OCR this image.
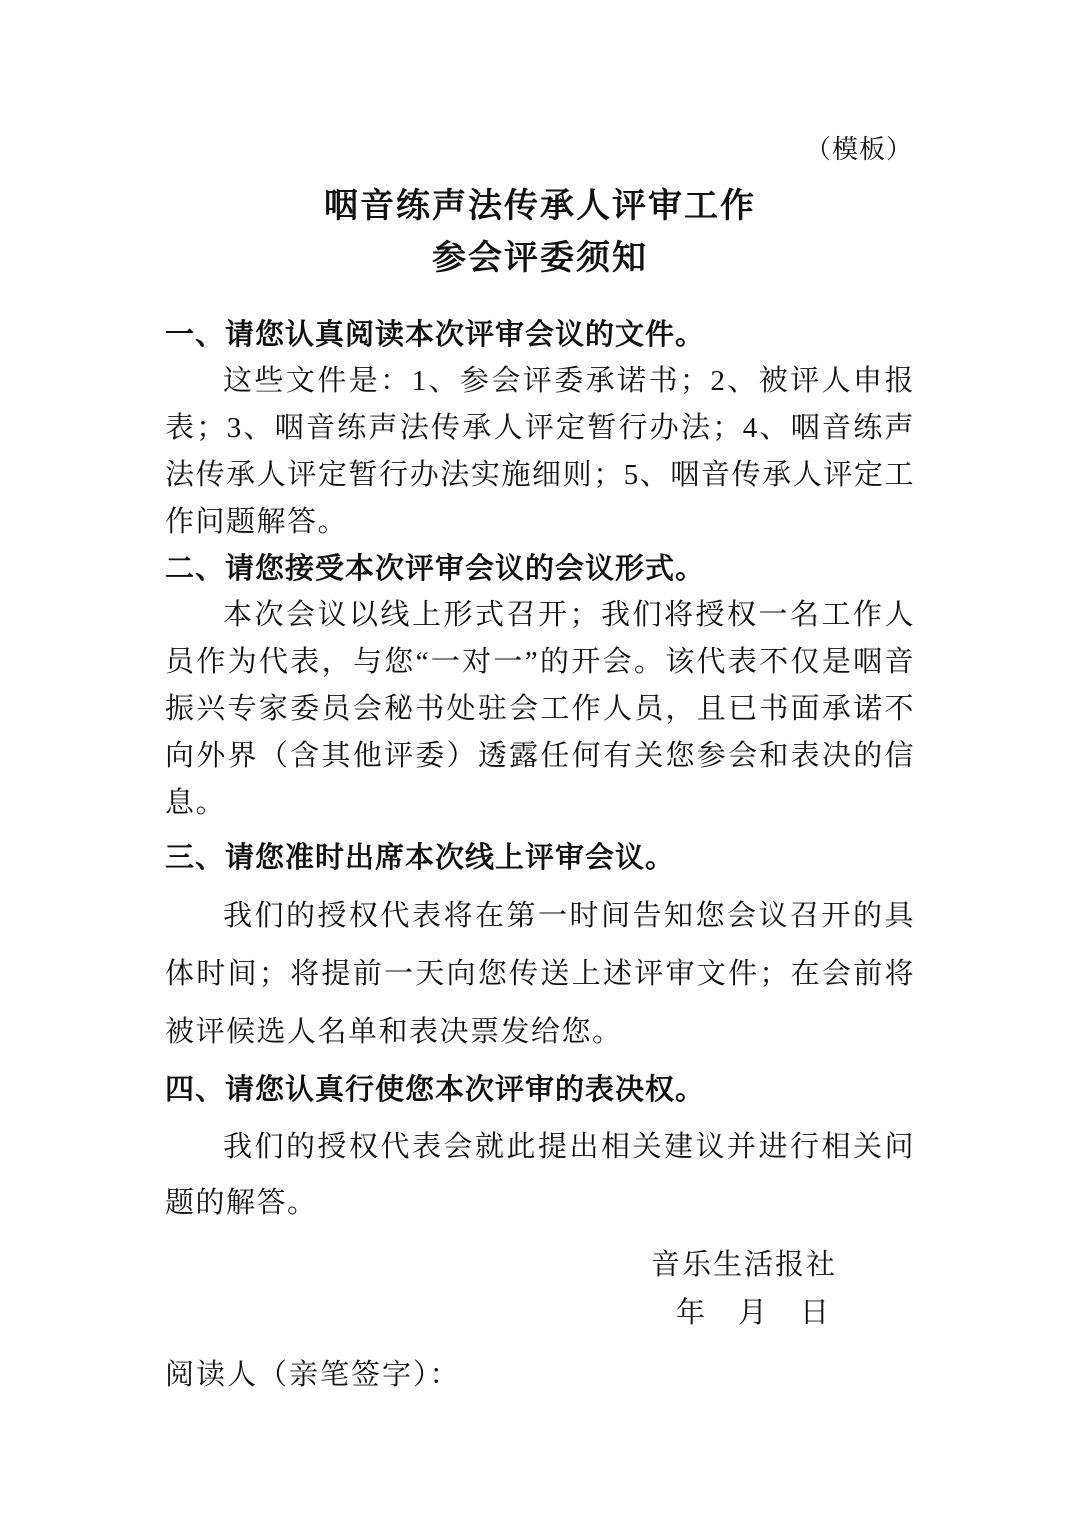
（模板）
咽音练声法传承人评审工作
参会评委须知
一、请您认真阅读本次评审会议的文件。

这些文件是：1、参会评委承诺书；2、被评人申报表；3、咽音练声法传承人评定暂行办法；4、咽音练声法传承人评定暂行办法实施细则；5、咽音传承人评定工作问题解答。

二、请您接受本次评审会议的会议形式。

本次会议以线上形式召开；我们将授权一名工作人员作为代表，与您“一对一”的开会。该代表不仅是咽音振兴专家委员会秘书处驻会工作人员，且已书面承诺不向外界（含其他评委）透露任何有关您参会和表决的信息。

三、请您准时出席本次线上评审会议。

我们的授权代表将在第一时间告知您会议召开的具体时间；将提前一天向您传送上述评审文件；在会前将被评候选人名单和表决票发给您。

四、请您认真行使您本次评审的表决权。

我们的授权代表会就此提出相关建议并进行相关问题的解答。

音乐生活报社
年　月　日
阅读人（亲笔签字）：
